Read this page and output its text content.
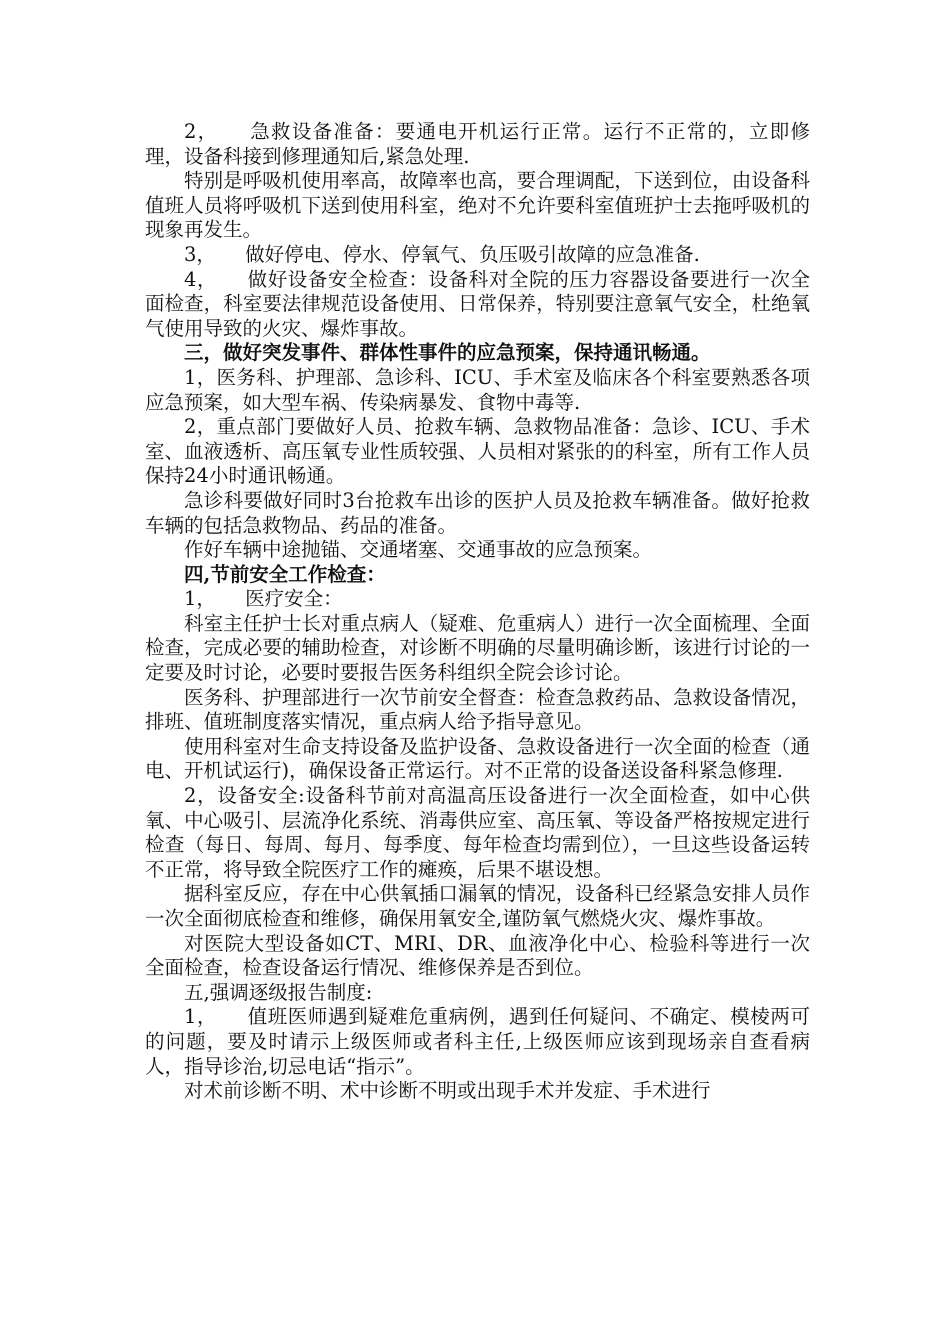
2，　　急救设备准备：要通电开机运行正常。运行不正常的，立即修理，设备科接到修理通知后,紧急处理.

特别是呼吸机使用率高，故障率也高，要合理调配，下送到位，由设备科值班人员将呼吸机下送到使用科室，绝对不允许要科室值班护士去拖呼吸机的现象再发生。

3，　　做好停电、停水、停氧气、负压吸引故障的应急准备.

4，　　做好设备安全检查：设备科对全院的压力容器设备要进行一次全面检查，科室要法律规范设备使用、日常保养，特别要注意氧气安全，杜绝氧气使用导致的火灾、爆炸事故。

三，做好突发事件、群体性事件的应急预案，保持通讯畅通。

1，医务科、护理部、急诊科、ICU、手术室及临床各个科室要熟悉各项应急预案，如大型车祸、传染病暴发、食物中毒等.

2，重点部门要做好人员、抢救车辆、急救物品准备：急诊、ICU、手术室、血液透析、高压氧专业性质较强、人员相对紧张的的科室，所有工作人员保持24小时通讯畅通。

急诊科要做好同时3台抢救车出诊的医护人员及抢救车辆准备。做好抢救车辆的包括急救物品、药品的准备。

作好车辆中途抛锚、交通堵塞、交通事故的应急预案。

四,节前安全工作检查：

1，　　医疗安全：

科室主任护士长对重点病人（疑难、危重病人）进行一次全面梳理、全面检查，完成必要的辅助检查，对诊断不明确的尽量明确诊断，该进行讨论的一定要及时讨论，必要时要报告医务科组织全院会诊讨论。

医务科、护理部进行一次节前安全督查：检查急救药品、急救设备情况，排班、值班制度落实情况，重点病人给予指导意见。

使用科室对生命支持设备及监护设备、急救设备进行一次全面的检查（通电、开机试运行)，确保设备正常运行。对不正常的设备送设备科紧急修理.

2，设备安全:设备科节前对高温高压设备进行一次全面检查，如中心供氧、中心吸引、层流净化系统、消毒供应室、高压氧、等设备严格按规定进行检查（每日、每周、每月、每季度、每年检查均需到位），一旦这些设备运转不正常，将导致全院医疗工作的瘫痪，后果不堪设想。

据科室反应，存在中心供氧插口漏氧的情况，设备科已经紧急安排人员作一次全面彻底检查和维修，确保用氧安全,谨防氧气燃烧火灾、爆炸事故。

对医院大型设备如CT、MRI、DR、血液净化中心、检验科等进行一次全面检查，检查设备运行情况、维修保养是否到位。

五,强调逐级报告制度:

1，　　值班医师遇到疑难危重病例，遇到任何疑问、不确定、模棱两可的问题，要及时请示上级医师或者科主任,上级医师应该到现场亲自查看病人，指导诊治,切忌电话“指示”。

对术前诊断不明、术中诊断不明或出现手术并发症、手术进行
